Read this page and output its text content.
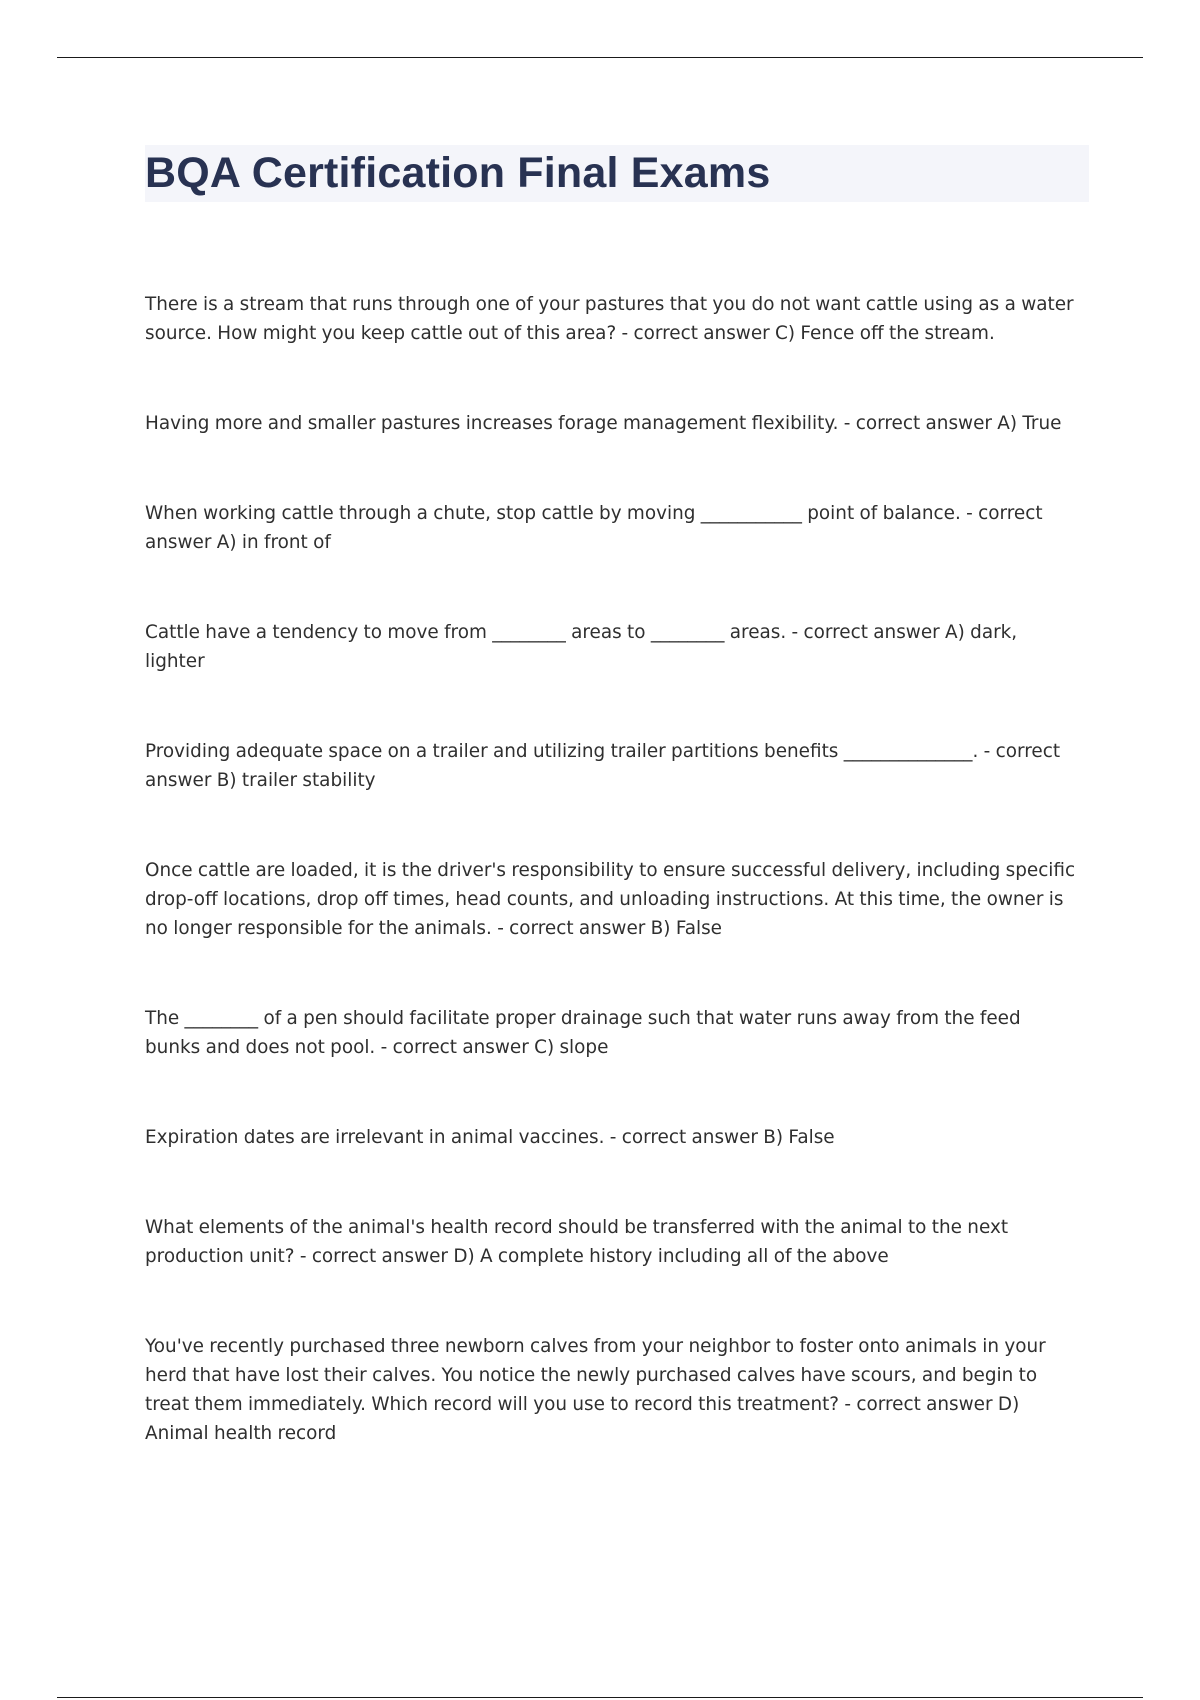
BQA Certification Final Exams
There is a stream that runs through one of your pastures that you do not want cattle using as a water source. How might you keep cattle out of this area? - correct answer C) Fence off the stream.
Having more and smaller pastures increases forage management flexibility. - correct answer A) True
When working cattle through a chute, stop cattle by moving ___________ point of balance. - correct answer A) in front of
Cattle have a tendency to move from ________ areas to ________ areas. - correct answer A) dark, lighter
Providing adequate space on a trailer and utilizing trailer partitions benefits ______________. - correct answer B) trailer stability
Once cattle are loaded, it is the driver's responsibility to ensure successful delivery, including specific drop-off locations, drop off times, head counts, and unloading instructions. At this time, the owner is no longer responsible for the animals. - correct answer B) False
The ________ of a pen should facilitate proper drainage such that water runs away from the feed bunks and does not pool. - correct answer C) slope
Expiration dates are irrelevant in animal vaccines. - correct answer B) False
What elements of the animal's health record should be transferred with the animal to the next production unit? - correct answer D) A complete history including all of the above
You've recently purchased three newborn calves from your neighbor to foster onto animals in your herd that have lost their calves. You notice the newly purchased calves have scours, and begin to treat them immediately. Which record will you use to record this treatment? - correct answer D) Animal health record
